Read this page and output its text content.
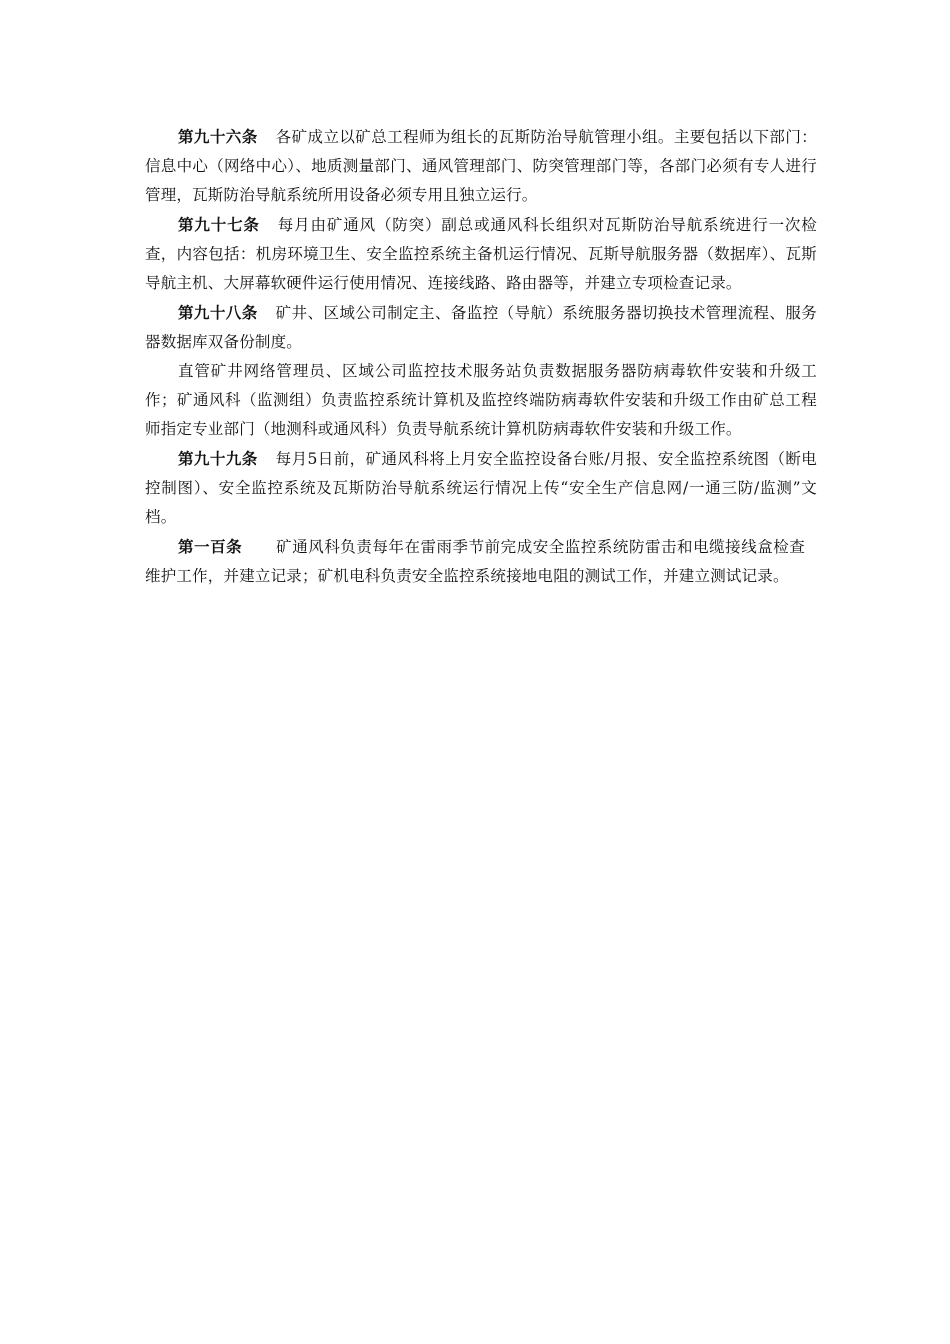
第九十六条 各矿成立以矿总工程师为组长的瓦斯防治导航管理小组。主要包括以下部门：信息中心（网络中心）、地质测量部门、通风管理部门、防突管理部门等，各部门必须有专人进行管理，瓦斯防治导航系统所用设备必须专用且独立运行。

第九十七条 每月由矿通风（防突）副总或通风科长组织对瓦斯防治导航系统进行一次检查，内容包括：机房环境卫生、安全监控系统主备机运行情况、瓦斯导航服务器（数据库）、瓦斯导航主机、大屏幕软硬件运行使用情况、连接线路、路由器等，并建立专项检查记录。

第九十八条 矿井、区域公司制定主、备监控（导航）系统服务器切换技术管理流程、服务器数据库双备份制度。

直管矿井网络管理员、区域公司监控技术服务站负责数据服务器防病毒软件安装和升级工作；矿通风科（监测组）负责监控系统计算机及监控终端防病毒软件安装和升级工作由矿总工程师指定专业部门（地测科或通风科）负责导航系统计算机防病毒软件安装和升级工作。

第九十九条 每月5日前，矿通风科将上月安全监控设备台账/月报、安全监控系统图（断电控制图）、安全监控系统及瓦斯防治导航系统运行情况上传“安全生产信息网/一通三防/监测”文档。

第一百条 矿通风科负责每年在雷雨季节前完成安全监控系统防雷击和电缆接线盒检查维护工作，并建立记录；矿机电科负责安全监控系统接地电阻的测试工作，并建立测试记录。
